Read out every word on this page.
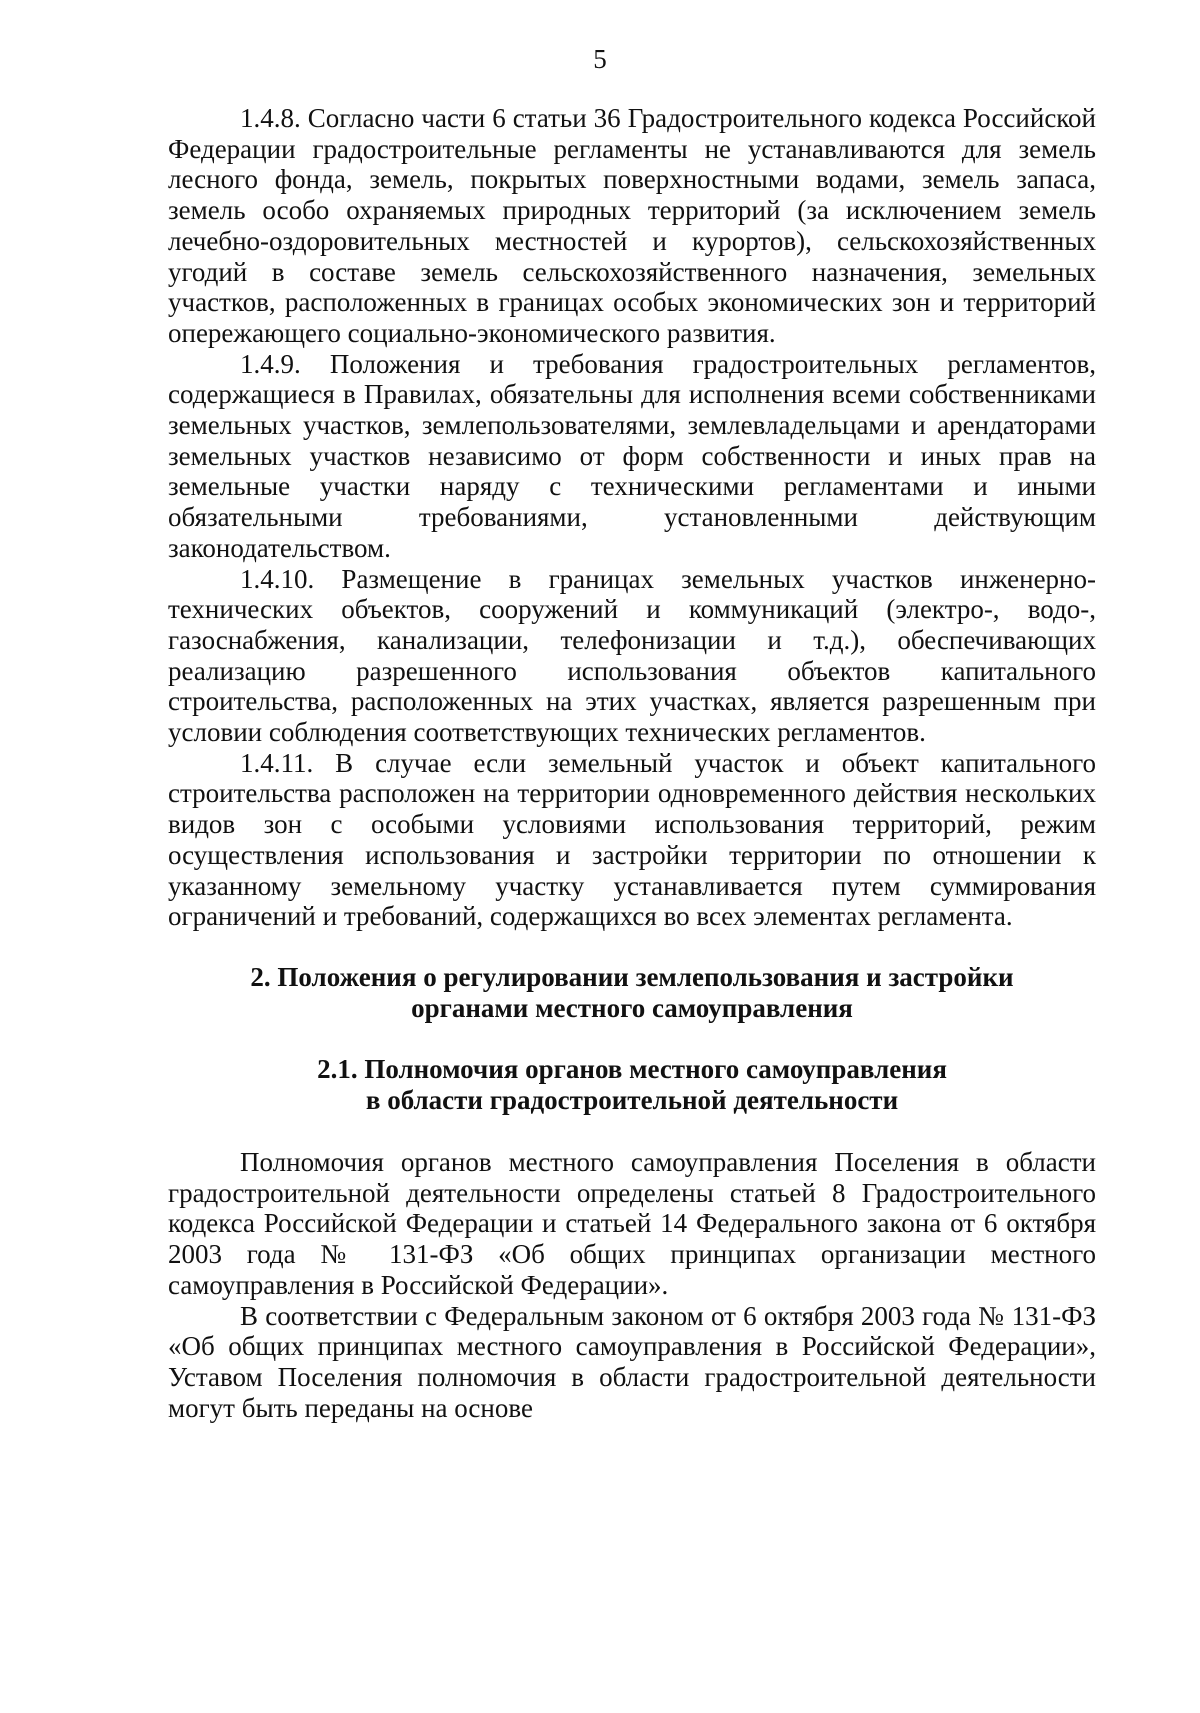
5

1.4.8. Согласно части 6 статьи 36 Градостроительного кодекса Российской Федерации градостроительные регламенты не устанавливаются для земель лесного фонда, земель, покрытых поверхностными водами, земель запаса, земель особо охраняемых природных территорий (за исключением земель лечебно-оздоровительных местностей и курортов), сельскохозяйственных угодий в составе земель сельскохозяйственного назначения, земельных участков, расположенных в границах особых экономических зон и территорий опережающего социально-экономического развития.

1.4.9. Положения и требования градостроительных регламентов, содержащиеся в Правилах, обязательны для исполнения всеми собственниками земельных участков, землепользователями, землевладельцами и арендаторами земельных участков независимо от форм собственности и иных прав на земельные участки наряду с техническими регламентами и иными обязательными требованиями, установленными действующим законодательством.

1.4.10. Размещение в границах земельных участков инженерно-технических объектов, сооружений и коммуникаций (электро-, водо-, газоснабжения, канализации, телефонизации и т.д.), обеспечивающих реализацию разрешенного использования объектов капитального строительства, расположенных на этих участках, является разрешенным при условии соблюдения соответствующих технических регламентов.

1.4.11. В случае если земельный участок и объект капитального строительства расположен на территории одновременного действия нескольких видов зон с особыми условиями использования территорий, режим осуществления использования и застройки территории по отношении к указанному земельному участку устанавливается путем суммирования ограничений и требований, содержащихся во всех элементах регламента.

2. Положения о регулировании землепользования и застройки
органами местного самоуправления
2.1. Полномочия органов местного самоуправления
в области градостроительной деятельности

Полномочия органов местного самоуправления Поселения в области градостроительной деятельности определены статьей 8 Градостроительного кодекса Российской Федерации и статьей 14 Федерального закона от 6 октября 2003 года № 131-ФЗ «Об общих принципах организации местного самоуправления в Российской Федерации».

В соответствии с Федеральным законом от 6 октября 2003 года № 131-ФЗ «Об общих принципах местного самоуправления в Российской Федерации», Уставом Поселения полномочия в области градостроительной деятельности могут быть переданы на основе
